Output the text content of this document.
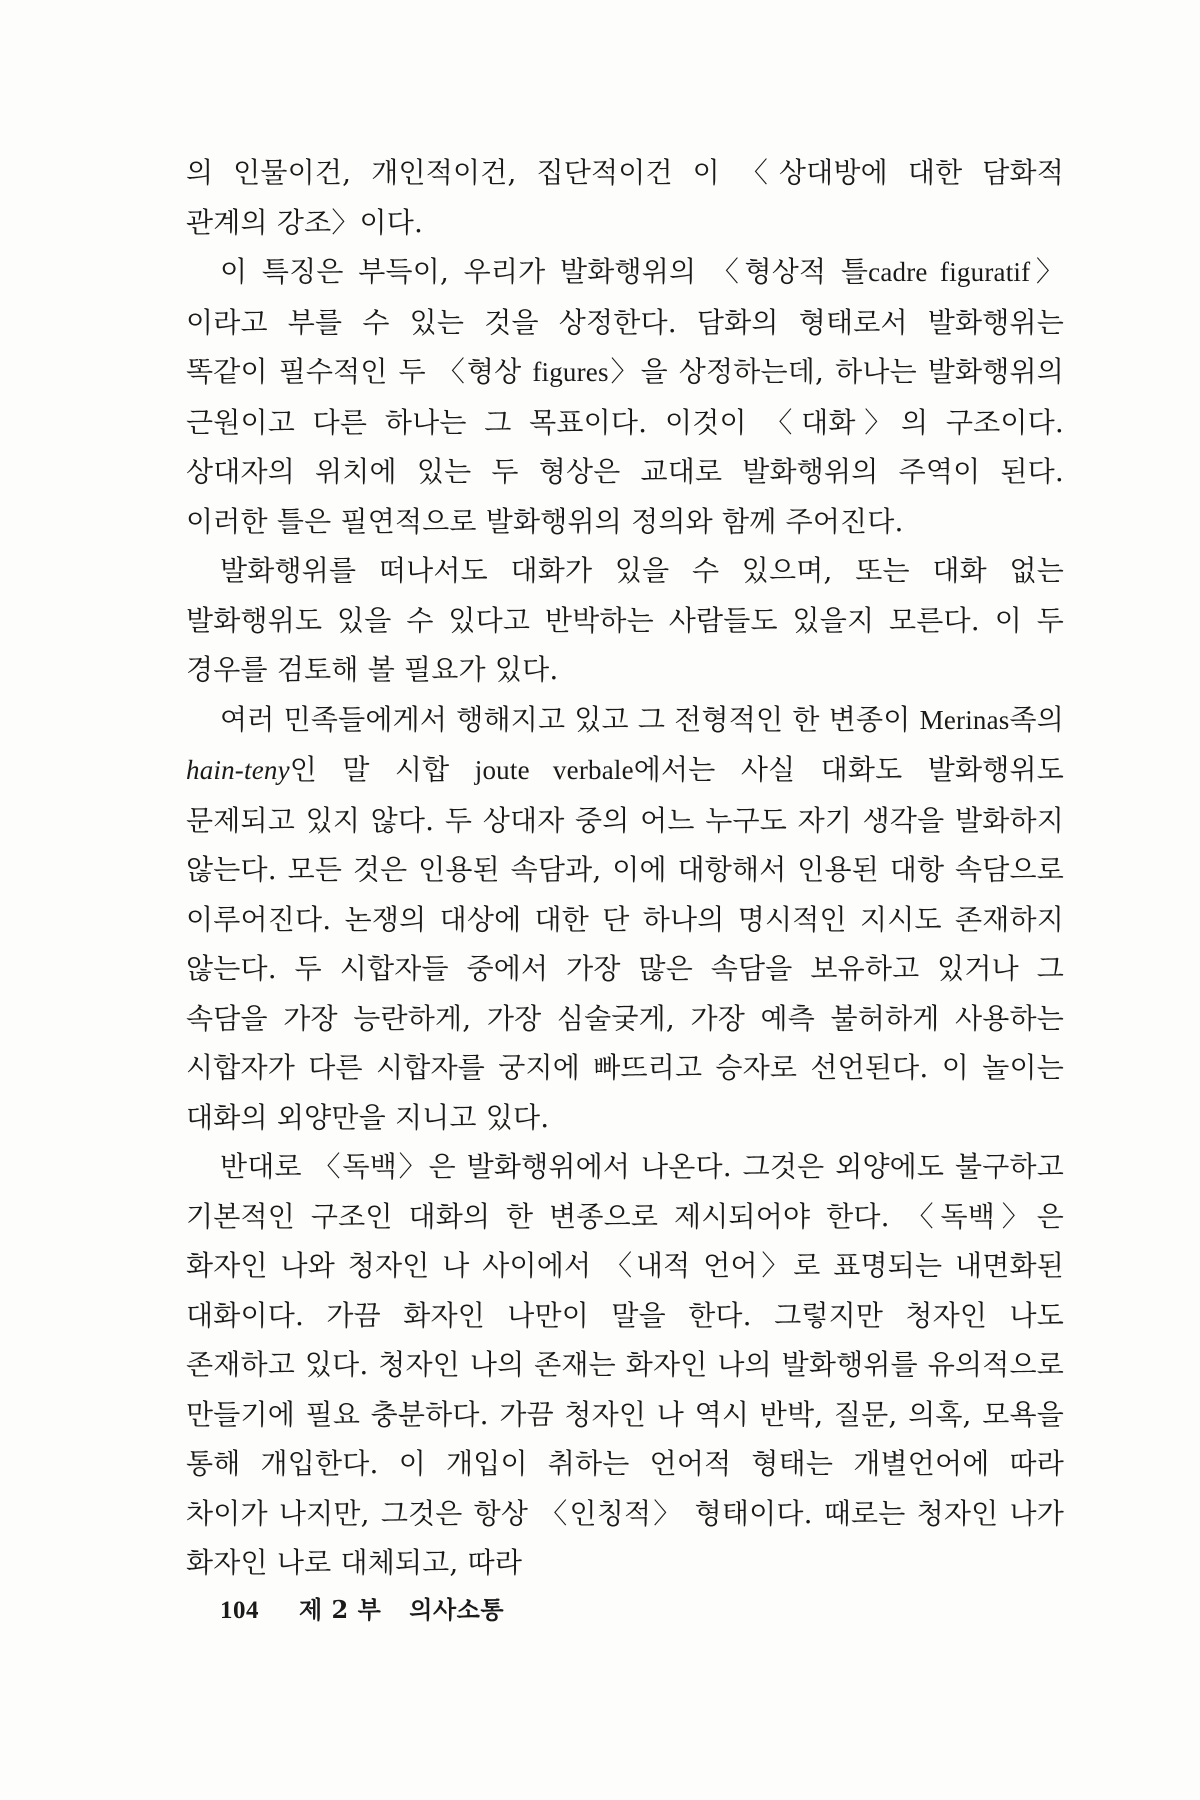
의 인물이건, 개인적이건, 집단적이건 이 〈상대방에 대한 담화적 관계의 강조〉이다.

이 특징은 부득이, 우리가 발화행위의 〈형상적 틀cadre figuratif〉이라고 부를 수 있는 것을 상정한다. 담화의 형태로서 발화행위는 똑같이 필수적인 두 〈형상 figures〉을 상정하는데, 하나는 발화행위의 근원이고 다른 하나는 그 목표이다. 이것이 〈대화〉의 구조이다. 상대자의 위치에 있는 두 형상은 교대로 발화행위의 주역이 된다. 이러한 틀은 필연적으로 발화행위의 정의와 함께 주어진다.

발화행위를 떠나서도 대화가 있을 수 있으며, 또는 대화 없는 발화행위도 있을 수 있다고 반박하는 사람들도 있을지 모른다. 이 두 경우를 검토해 볼 필요가 있다.

여러 민족들에게서 행해지고 있고 그 전형적인 한 변종이 Merinas족의 hain-teny인 말 시합 joute verbale에서는 사실 대화도 발화행위도 문제되고 있지 않다. 두 상대자 중의 어느 누구도 자기 생각을 발화하지 않는다. 모든 것은 인용된 속담과, 이에 대항해서 인용된 대항 속담으로 이루어진다. 논쟁의 대상에 대한 단 하나의 명시적인 지시도 존재하지 않는다. 두 시합자들 중에서 가장 많은 속담을 보유하고 있거나 그 속담을 가장 능란하게, 가장 심술궂게, 가장 예측 불허하게 사용하는 시합자가 다른 시합자를 궁지에 빠뜨리고 승자로 선언된다. 이 놀이는 대화의 외양만을 지니고 있다.

반대로 〈독백〉은 발화행위에서 나온다. 그것은 외양에도 불구하고 기본적인 구조인 대화의 한 변종으로 제시되어야 한다. 〈독백〉은 화자인 나와 청자인 나 사이에서 〈내적 언어〉로 표명되는 내면화된 대화이다. 가끔 화자인 나만이 말을 한다. 그렇지만 청자인 나도 존재하고 있다. 청자인 나의 존재는 화자인 나의 발화행위를 유의적으로 만들기에 필요 충분하다. 가끔 청자인 나 역시 반박, 질문, 의혹, 모욕을 통해 개입한다. 이 개입이 취하는 언어적 형태는 개별언어에 따라 차이가 나지만, 그것은 항상 〈인칭적〉 형태이다. 때로는 청자인 나가 화자인 나로 대체되고, 따라

104 제 2 부 의사소통
